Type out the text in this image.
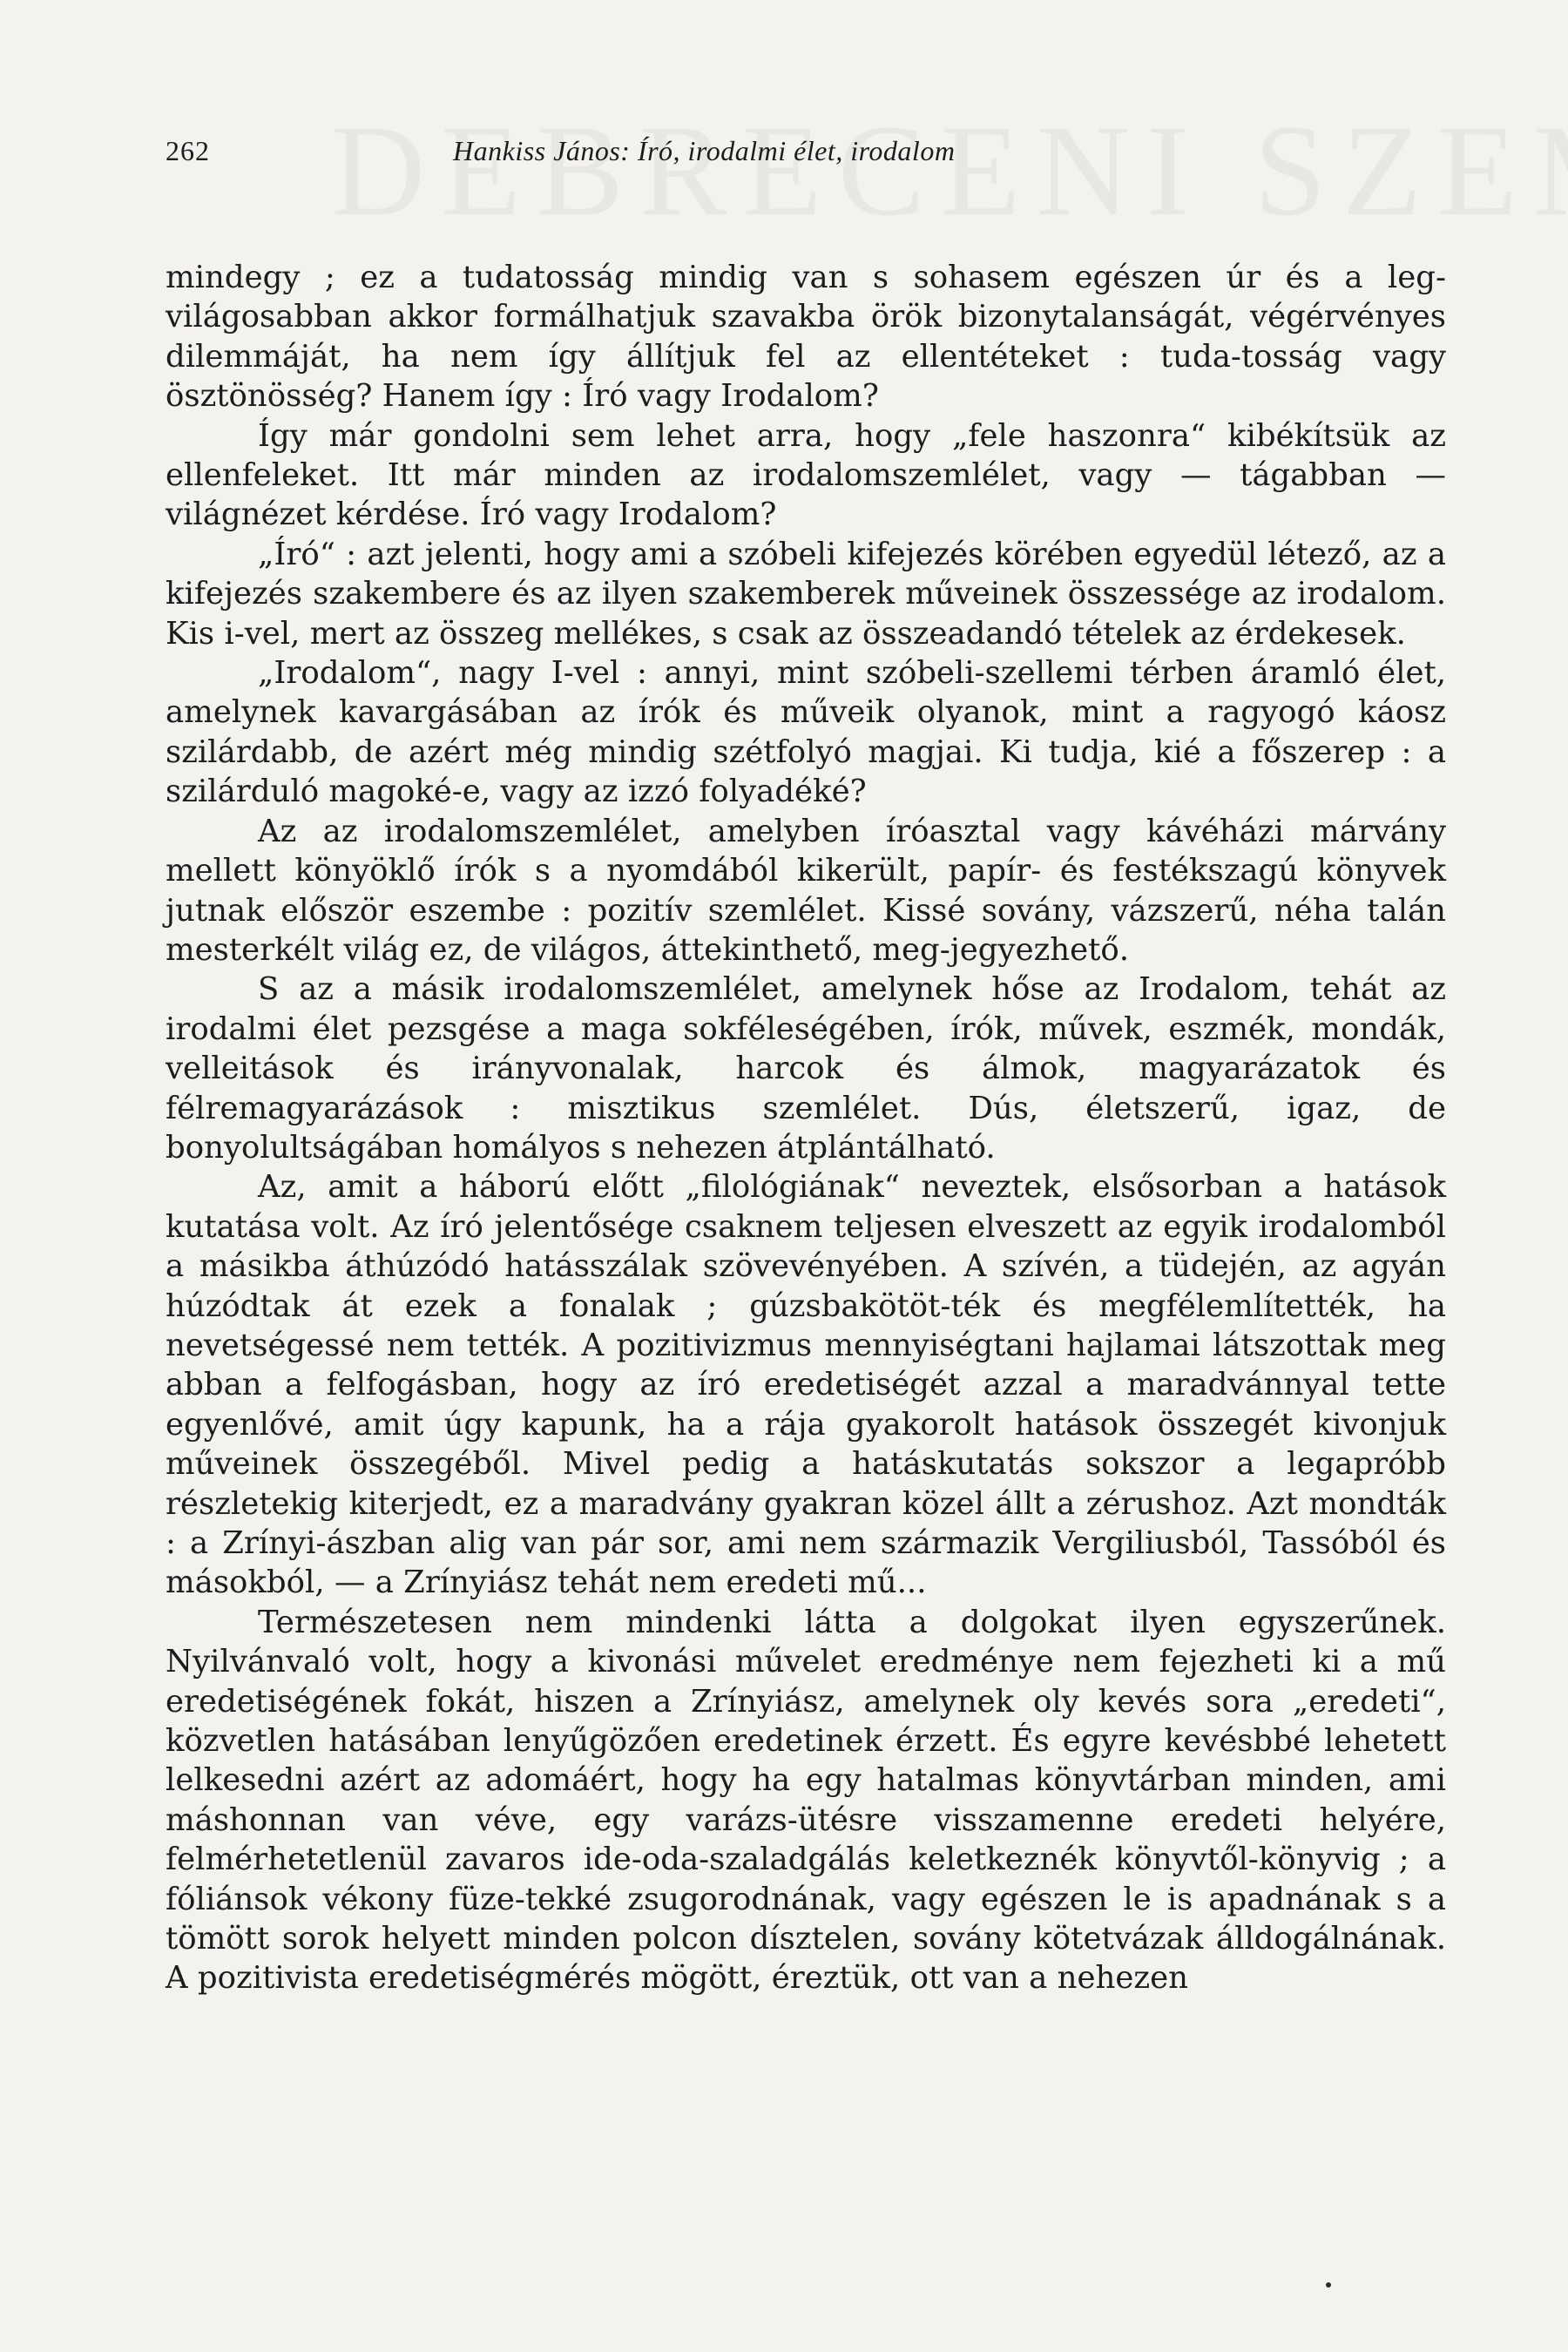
262	Hankiss János: Író, irodalmi élet, irodalom

mindegy ; ez a tudatosság mindig van s sohasem egészen úr és a leg-világosabban akkor formálhatjuk szavakba örök bizonytalanságát, végérvényes dilemmáját, ha nem így állítjuk fel az ellentéteket : tuda-tosság vagy ösztönösség? Hanem így : Író vagy Irodalom?

Így már gondolni sem lehet arra, hogy „fele haszonra“ kibékítsük az ellenfeleket. Itt már minden az irodalomszemlélet, vagy — tágabban — világnézet kérdése. Író vagy Irodalom?

„Író“ : azt jelenti, hogy ami a szóbeli kifejezés körében egyedül létező, az a kifejezés szakembere és az ilyen szakemberek műveinek összessége az irodalom. Kis i-vel, mert az összeg mellékes, s csak az összeadandó tételek az érdekesek.

„Irodalom“, nagy I-vel : annyi, mint szóbeli-szellemi térben áramló élet, amelynek kavargásában az írók és műveik olyanok, mint a ragyogó káosz szilárdabb, de azért még mindig szétfolyó magjai. Ki tudja, kié a főszerep : a szilárduló magoké-e, vagy az izzó folyadéké?

Az az irodalomszemlélet, amelyben íróasztal vagy kávéházi márvány mellett könyöklő írók s a nyomdából kikerült, papír- és festékszagú könyvek jutnak először eszembe : pozitív szemlélet. Kissé sovány, vázszerű, néha talán mesterkélt világ ez, de világos, áttekinthető, meg-jegyezhető.

S az a másik irodalomszemlélet, amelynek hőse az Irodalom, tehát az irodalmi élet pezsgése a maga sokféleségében, írók, művek, eszmék, mondák, velleitások és irányvonalak, harcok és álmok, magyarázatok és félremagyarázások : misztikus szemlélet. Dús, életszerű, igaz, de bonyolultságában homályos s nehezen átplántálható.

Az, amit a háború előtt „filológiának“ neveztek, elsősorban a hatások kutatása volt. Az író jelentősége csaknem teljesen elveszett az egyik irodalomból a másikba áthúzódó hatásszálak szövevényében. A szívén, a tüdején, az agyán húzódtak át ezek a fonalak ; gúzsbakötöt-ték és megfélemlítették, ha nevetségessé nem tették. A pozitivizmus mennyiségtani hajlamai látszottak meg abban a felfogásban, hogy az író eredetiségét azzal a maradvánnyal tette egyenlővé, amit úgy kapunk, ha a rája gyakorolt hatások összegét kivonjuk műveinek összegéből. Mivel pedig a hatáskutatás sokszor a legapróbb részletekig kiterjedt, ez a maradvány gyakran közel állt a zérushoz. Azt mondták : a Zrínyi-ászban alig van pár sor, ami nem származik Vergiliusból, Tassóból és másokból, — a Zrínyiász tehát nem eredeti mű...

Természetesen nem mindenki látta a dolgokat ilyen egyszerűnek. Nyilvánvaló volt, hogy a kivonási művelet eredménye nem fejezheti ki a mű eredetiségének fokát, hiszen a Zrínyiász, amelynek oly kevés sora „eredeti“, közvetlen hatásában lenyűgözően eredetinek érzett. És egyre kevésbbé lehetett lelkesedni azért az adomáért, hogy ha egy hatalmas könyvtárban minden, ami máshonnan van véve, egy varázs-ütésre visszamenne eredeti helyére, felmérhetetlenül zavaros ide-oda-szaladgálás keletkeznék könyvtől-könyvig ; a fóliánsok vékony füze-tekké zsugorodnának, vagy egészen le is apadnának s a tömött sorok helyett minden polcon dísztelen, sovány kötetvázak álldogálnának. A pozitivista eredetiségmérés mögött, éreztük, ott van a nehezen
